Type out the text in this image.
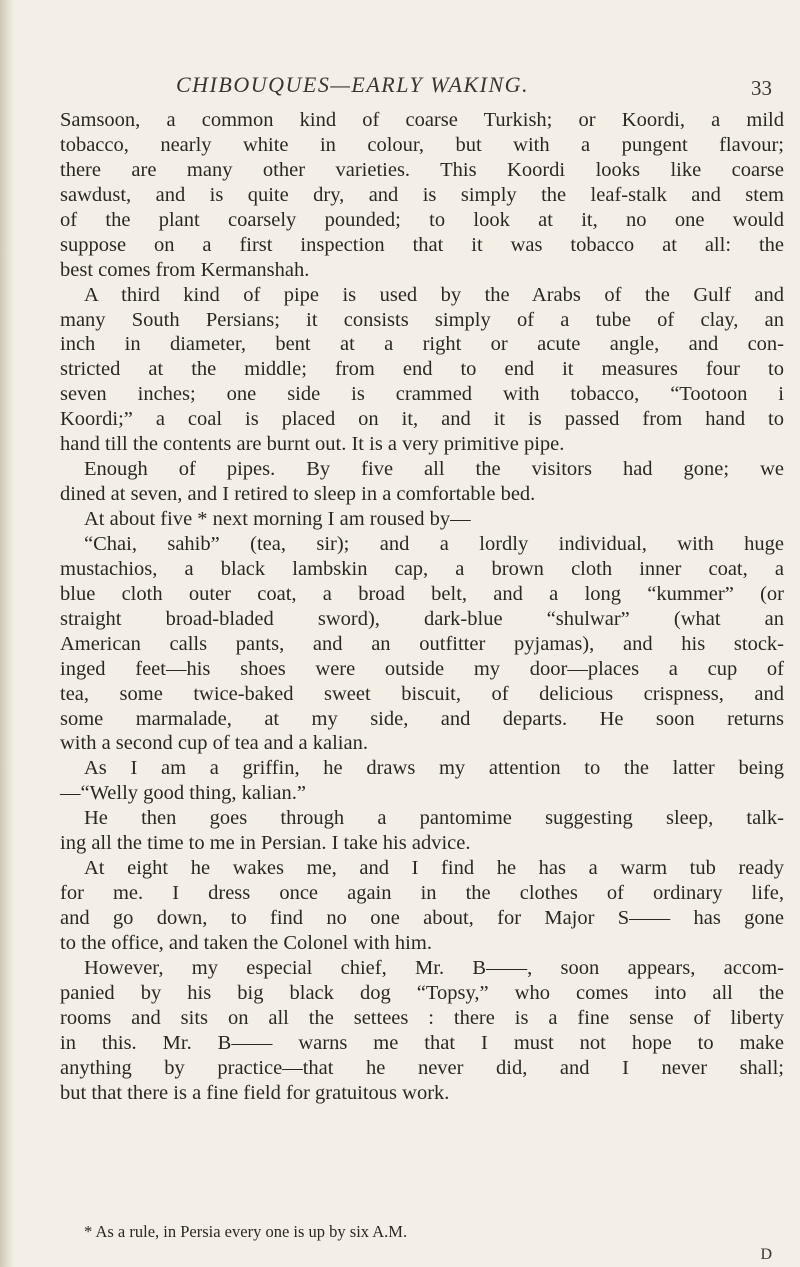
CHIBOUQUES—EARLY WAKING.	33
Samsoon, a common kind of coarse Turkish; or Koordi, a mild
tobacco, nearly white in colour, but with a pungent flavour;
there are many other varieties. This Koordi looks like coarse
sawdust, and is quite dry, and is simply the leaf-stalk and stem
of the plant coarsely pounded; to look at it, no one would
suppose on a first inspection that it was tobacco at all: the
best comes from Kermanshah.
A third kind of pipe is used by the Arabs of the Gulf and
many South Persians; it consists simply of a tube of clay, an
inch in diameter, bent at a right or acute angle, and con-
stricted at the middle; from end to end it measures four to
seven inches; one side is crammed with tobacco, “Tootoon i
Koordi;” a coal is placed on it, and it is passed from hand to
hand till the contents are burnt out. It is a very primitive pipe.
Enough of pipes. By five all the visitors had gone; we
dined at seven, and I retired to sleep in a comfortable bed.
At about five * next morning I am roused by—
“Chai, sahib” (tea, sir); and a lordly individual, with huge
mustachios, a black lambskin cap, a brown cloth inner coat, a
blue cloth outer coat, a broad belt, and a long “kummer” (or
straight broad-bladed sword), dark-blue “shulwar” (what an
American calls pants, and an outfitter pyjamas), and his stock-
inged feet—his shoes were outside my door—places a cup of
tea, some twice-baked sweet biscuit, of delicious crispness, and
some marmalade, at my side, and departs. He soon returns
with a second cup of tea and a kalian.
As I am a griffin, he draws my attention to the latter being
—“Welly good thing, kalian.”
He then goes through a pantomime suggesting sleep, talk-
ing all the time to me in Persian. I take his advice.
At eight he wakes me, and I find he has a warm tub ready
for me. I dress once again in the clothes of ordinary life,
and go down, to find no one about, for Major S—— has gone
to the office, and taken the Colonel with him.
However, my especial chief, Mr. B——, soon appears, accom-
panied by his big black dog “Topsy,” who comes into all the
rooms and sits on all the settees : there is a fine sense of liberty
in this. Mr. B—— warns me that I must not hope to make
anything by practice—that he never did, and I never shall;
but that there is a fine field for gratuitous work.
* As a rule, in Persia every one is up by six A.M.
D
